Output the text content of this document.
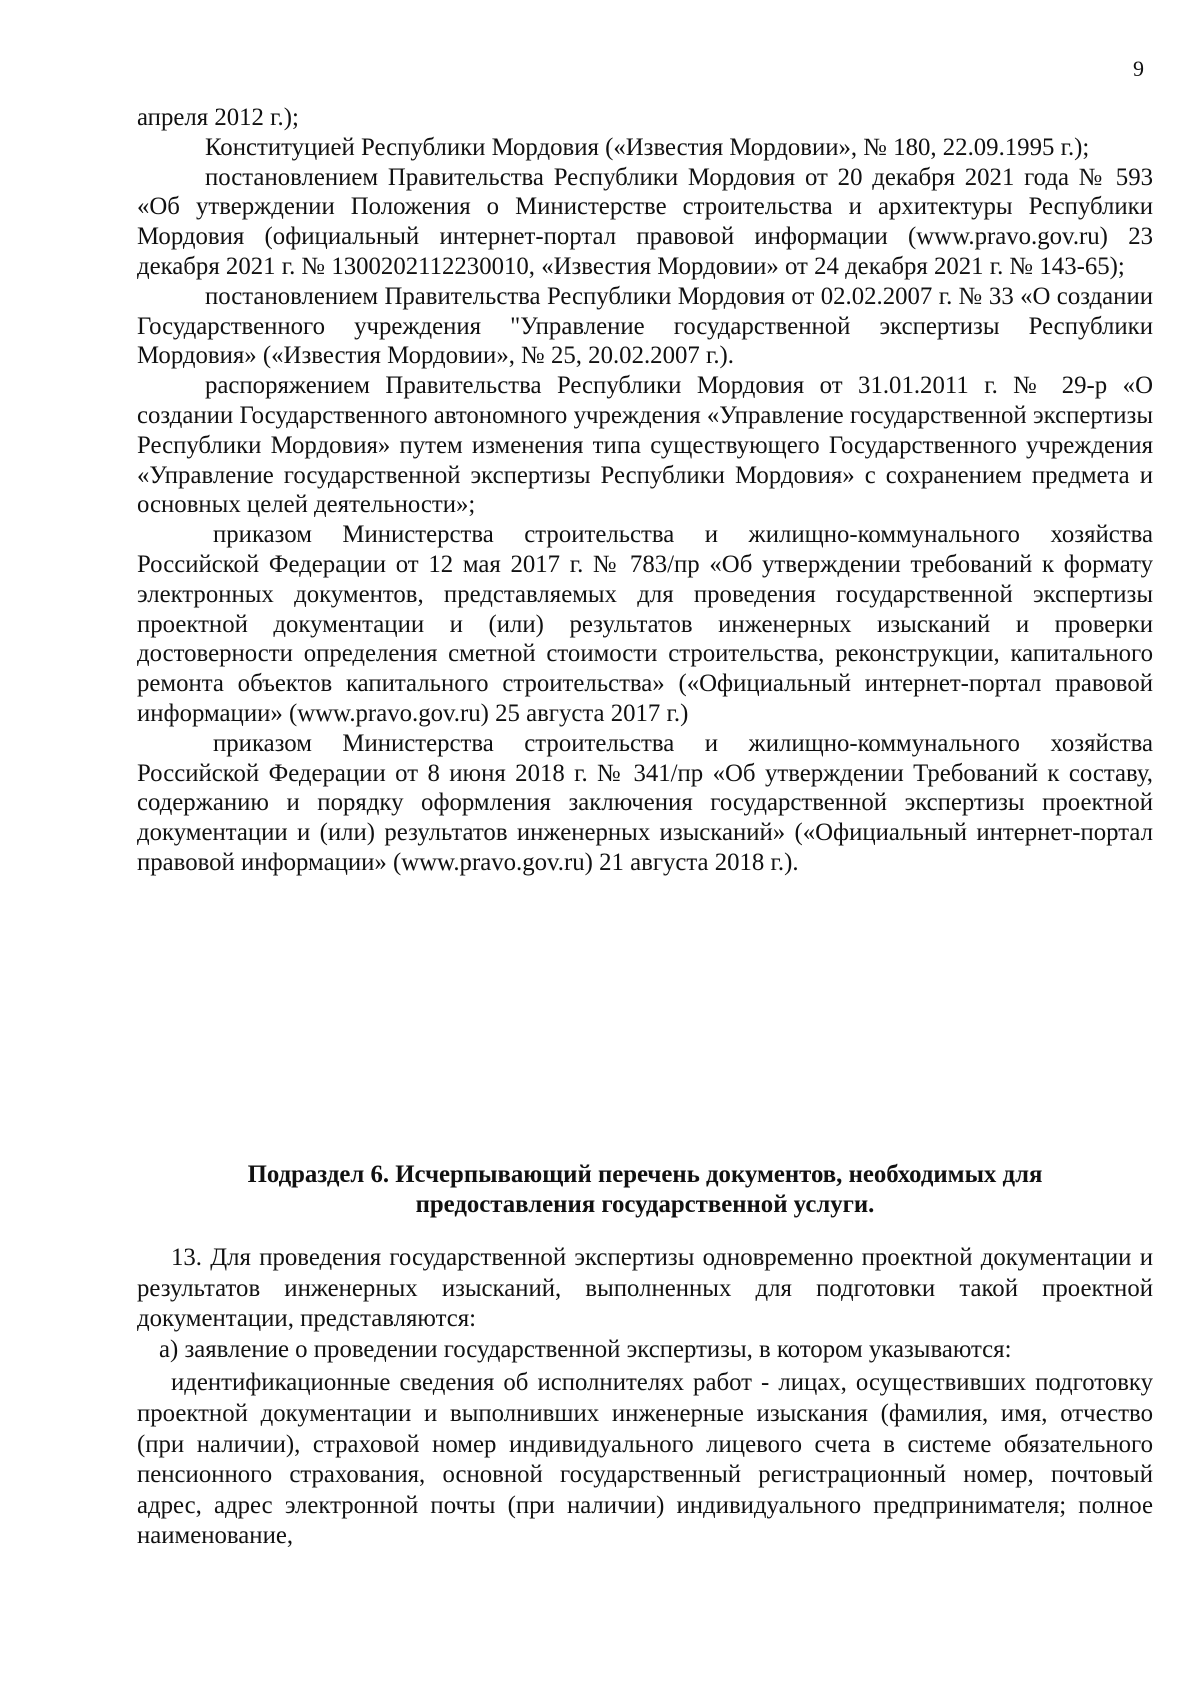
9

апреля 2012 г.);

Конституцией Республики Мордовия («Известия Мордовии», № 180, 22.09.1995 г.);

постановлением Правительства Республики Мордовия от 20 декабря 2021 года № 593 «Об утверждении Положения о Министерстве строительства и архитектуры Республики Мордовия (официальный интернет-портал правовой информации (www.pravo.gov.ru) 23 декабря 2021 г. № 1300202112230010, «Известия Мордовии» от 24 декабря 2021 г. № 143-65);

постановлением Правительства Республики Мордовия от 02.02.2007 г. № 33 «О создании Государственного учреждения "Управление государственной экспертизы Республики Мордовия» («Известия Мордовии», № 25, 20.02.2007 г.).

распоряжением Правительства Республики Мордовия от 31.01.2011 г. № 29-р «О создании Государственного автономного учреждения «Управление государственной экспертизы Республики Мордовия» путем изменения типа существующего Государственного учреждения «Управление государственной экспертизы Республики Мордовия» с сохранением предмета и основных целей деятельности»;

приказом Министерства строительства и жилищно-коммунального хозяйства Российской Федерации от 12 мая 2017 г. № 783/пр «Об утверждении требований к формату электронных документов, представляемых для проведения государственной экспертизы проектной документации и (или) результатов инженерных изысканий и проверки достоверности определения сметной стоимости строительства, реконструкции, капитального ремонта объектов капитального строительства» («Официальный интернет-портал правовой информации» (www.pravo.gov.ru) 25 августа 2017 г.)

приказом Министерства строительства и жилищно-коммунального хозяйства Российской Федерации от 8 июня 2018 г. № 341/пр «Об утверждении Требований к составу, содержанию и порядку оформления заключения государственной экспертизы проектной документации и (или) результатов инженерных изысканий» («Официальный интернет-портал правовой информации» (www.pravo.gov.ru) 21 августа 2018 г.).

Подраздел 6. Исчерпывающий перечень документов, необходимых для
предоставления государственной услуги.

13. Для проведения государственной экспертизы одновременно проектной документации и результатов инженерных изысканий, выполненных для подготовки такой проектной документации, представляются:

а) заявление о проведении государственной экспертизы, в котором указываются:

идентификационные сведения об исполнителях работ - лицах, осуществивших подготовку проектной документации и выполнивших инженерные изыскания (фамилия, имя, отчество (при наличии), страховой номер индивидуального лицевого счета в системе обязательного пенсионного страхования, основной государственный регистрационный номер, почтовый адрес, адрес электронной почты (при наличии) индивидуального предпринимателя; полное наименование,
